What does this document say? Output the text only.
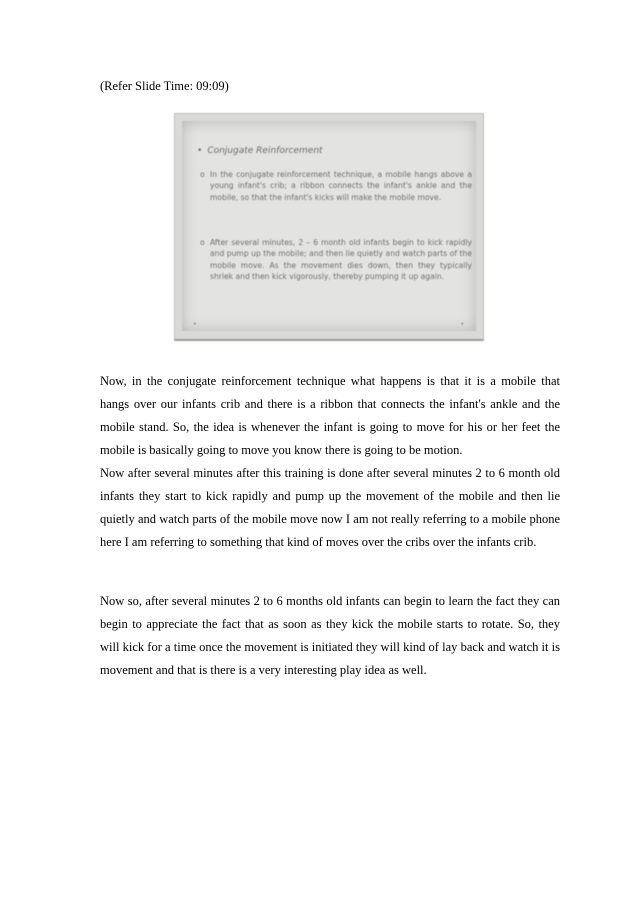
(Refer Slide Time: 09:09)
• Conjugate Reinforcement
o In the conjugate reinforcement technique, a mobile hangs above a young infant's crib; a ribbon connects the infant's ankle and the mobile, so that the infant's kicks will make the mobile move.
o After several minutes, 2 – 6 month old infants begin to kick rapidly and pump up the mobile; and then lie quietly and watch parts of the mobile move. As the movement dies down, then they typically shriek and then kick vigorously, thereby pumping it up again.
•	•

Now, in the conjugate reinforcement technique what happens is that it is a mobile that hangs over our infants crib and there is a ribbon that connects the infant's ankle and the mobile stand. So, the idea is whenever the infant is going to move for his or her feet the mobile is basically going to move you know there is going to be motion.

Now after several minutes after this training is done after several minutes 2 to 6 month old infants they start to kick rapidly and pump up the movement of the mobile and then lie quietly and watch parts of the mobile move now I am not really referring to a mobile phone here I am referring to something that kind of moves over the cribs over the infants crib.

Now so, after several minutes 2 to 6 months old infants can begin to learn the fact they can begin to appreciate the fact that as soon as they kick the mobile starts to rotate. So, they will kick for a time once the movement is initiated they will kind of lay back and watch it is movement and that is there is a very interesting play idea as well.
